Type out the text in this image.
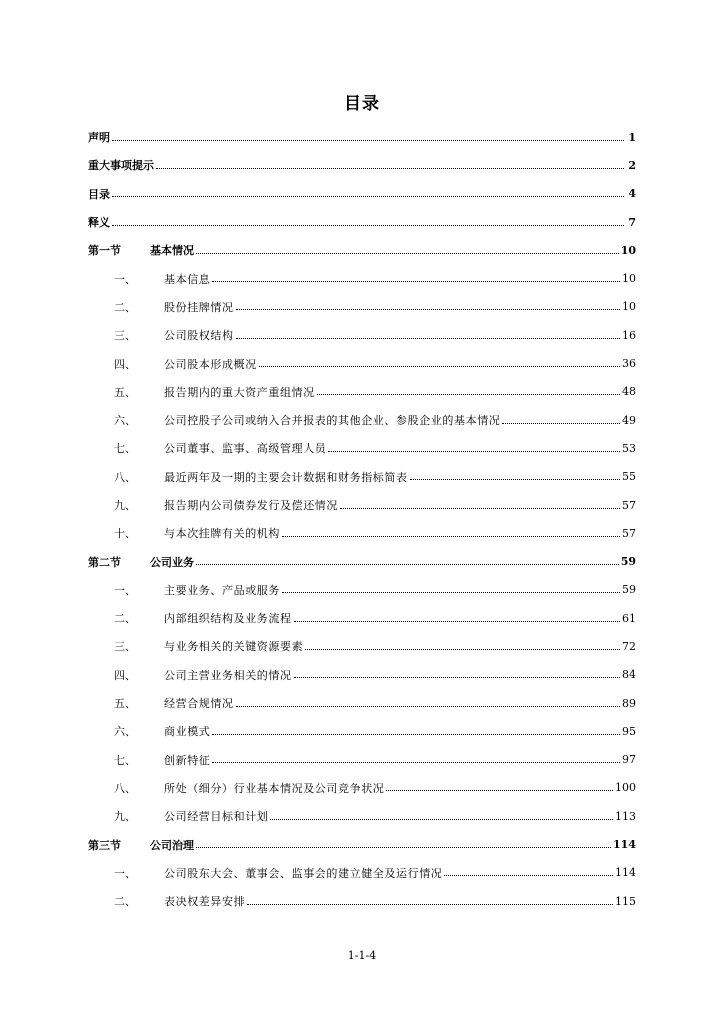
目录
声明	1
重大事项提示	2
目录	4
释义	7
第一节	基本情况	10
一、	基本信息	10
二、	股份挂牌情况	10
三、	公司股权结构	16
四、	公司股本形成概况	36
五、	报告期内的重大资产重组情况	48
六、	公司控股子公司或纳入合并报表的其他企业、参股企业的基本情况	49
七、	公司董事、监事、高级管理人员	53
八、	最近两年及一期的主要会计数据和财务指标简表	55
九、	报告期内公司债券发行及偿还情况	57
十、	与本次挂牌有关的机构	57
第二节	公司业务	59
一、	主要业务、产品或服务	59
二、	内部组织结构及业务流程	61
三、	与业务相关的关键资源要素	72
四、	公司主营业务相关的情况	84
五、	经营合规情况	89
六、	商业模式	95
七、	创新特征	97
八、	所处（细分）行业基本情况及公司竞争状况	100
九、	公司经营目标和计划	113
第三节	公司治理	114
一、	公司股东大会、董事会、监事会的建立健全及运行情况	114
二、	表决权差异安排	115
1-1-4
